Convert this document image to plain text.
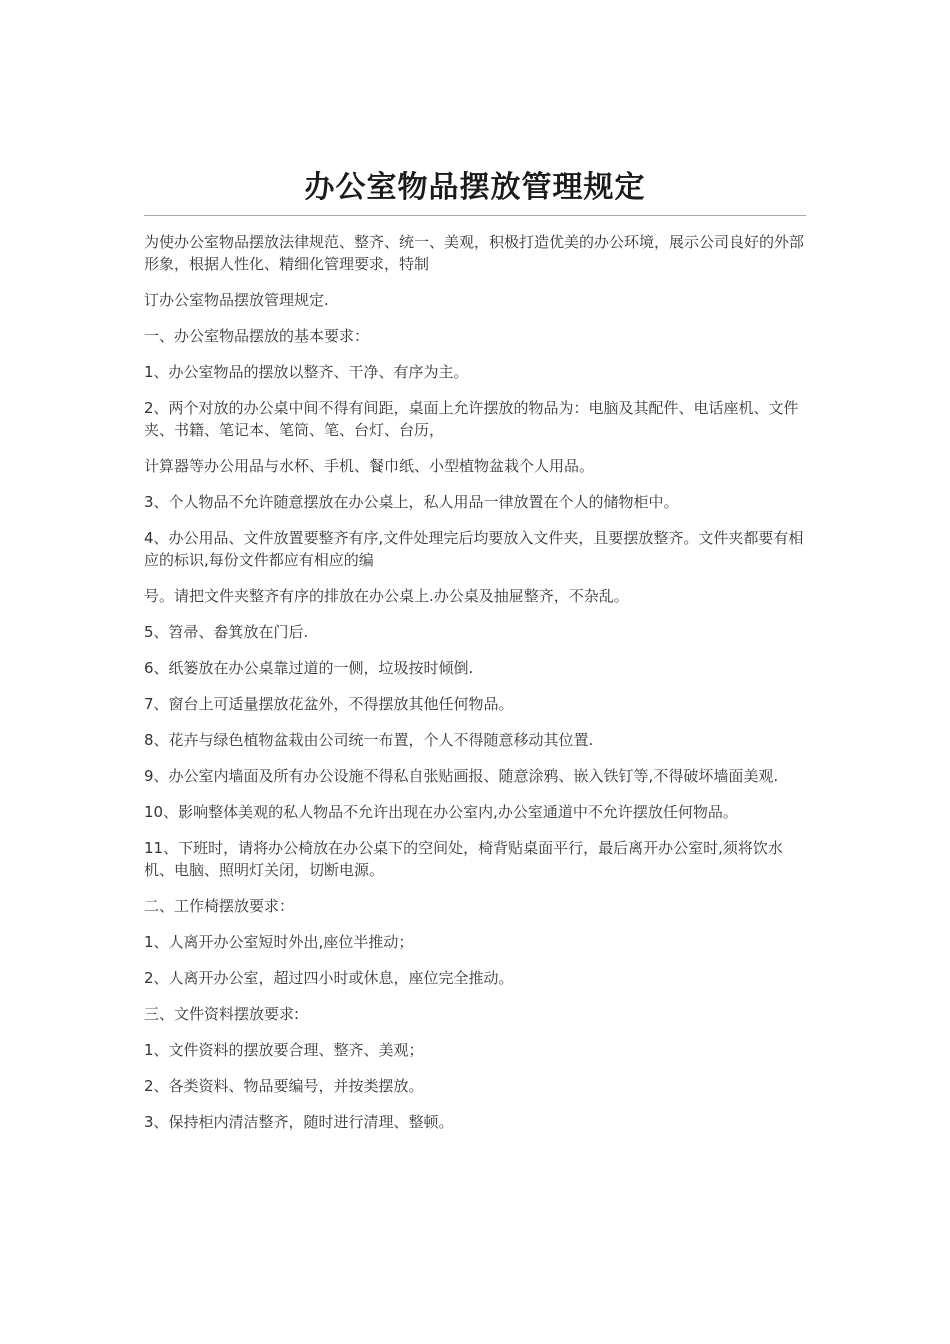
办公室物品摆放管理规定

为使办公室物品摆放法律规范、整齐、统一、美观，积极打造优美的办公环境，展示公司良好的外部形象，根据人性化、精细化管理要求，特制

订办公室物品摆放管理规定.

一、办公室物品摆放的基本要求：

1、办公室物品的摆放以整齐、干净、有序为主。

2、两个对放的办公桌中间不得有间距，桌面上允许摆放的物品为：电脑及其配件、电话座机、文件夹、书籍、笔记本、笔筒、笔、台灯、台历，

计算器等办公用品与水杯、手机、餐巾纸、小型植物盆栽个人用品。

3、个人物品不允许随意摆放在办公桌上，私人用品一律放置在个人的储物柜中。

4、办公用品、文件放置要整齐有序,文件处理完后均要放入文件夹，且要摆放整齐。文件夹都要有相应的标识,每份文件都应有相应的编

号。请把文件夹整齐有序的排放在办公桌上.办公桌及抽屉整齐，不杂乱。

5、笤帚、畚箕放在门后.

6、纸篓放在办公桌靠过道的一侧，垃圾按时倾倒.

7、窗台上可适量摆放花盆外，不得摆放其他任何物品。

8、花卉与绿色植物盆栽由公司统一布置，个人不得随意移动其位置.

9、办公室内墙面及所有办公设施不得私自张贴画报、随意涂鸦、嵌入铁钉等,不得破坏墙面美观.

10、影响整体美观的私人物品不允许出现在办公室内,办公室通道中不允许摆放任何物品。

11、下班时，请将办公椅放在办公桌下的空间处，椅背贴桌面平行，最后离开办公室时,须将饮水机、电脑、照明灯关闭，切断电源。

二、工作椅摆放要求：

1、人离开办公室短时外出,座位半推动；

2、人离开办公室，超过四小时或休息，座位完全推动。

三、文件资料摆放要求:

1、文件资料的摆放要合理、整齐、美观；

2、各类资料、物品要编号，并按类摆放。

3、保持柜内清洁整齐，随时进行清理、整顿。
